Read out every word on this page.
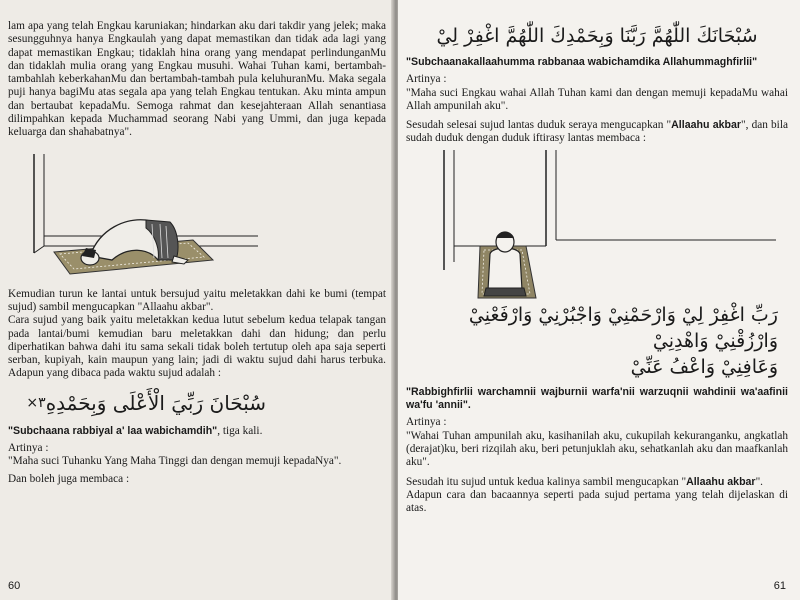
lam apa yang telah Engkau karuniakan; hindarkan aku dari takdir yang jelek; maka sesungguhnya hanya Engkaulah yang dapat memastikan dan tidak ada lagi yang dapat memastikan Engkau; tidaklah hina orang yang mendapat perlindunganMu dan tidaklah mulia orang yang Engkau musuhi. Wahai Tuhan kami, bertambah-tambahlah keberkahanMu dan bertambah-tambah pula keluhuranMu. Maka segala puji hanya bagiMu atas segala apa yang telah Engkau tentukan. Aku minta ampun dan bertaubat kepadaMu. Semoga rahmat dan kesejahteraan Allah senantiasa dilimpahkan kepada Muchammad seorang Nabi yang Ummi, dan juga kepada keluarga dan shahabatnya".

Kemudian turun ke lantai untuk bersujud yaitu meletakkan dahi ke bumi (tempat sujud) sambil mengucapkan "Allaahu akbar".

Cara sujud yang baik yaitu meletakkan kedua lutut sebelum kedua telapak tangan pada lantai/bumi kemudian baru meletakkan dahi dan hidung; dan perlu diperhatikan bahwa dahi itu sama sekali tidak boleh tertutup oleh apa saja seperti serban, kupiyah, kain maupun yang lain; jadi di waktu sujud dahi harus terbuka. Adapun yang dibaca pada waktu sujud adalah :

٣× سُبْحَانَ رَبِّيَ الْأَعْلَى وَبِحَمْدِهِ

"Subchaana rabbiyal a' laa wabichamdih", tiga kali.

Artinya :

"Maha suci Tuhanku Yang Maha Tinggi dan dengan memuji kepadaNya".

Dan boleh juga membaca :

60
سُبْحَانَكَ اللّٰهُمَّ رَبَّنَا وَبِحَمْدِكَ اللّٰهُمَّ اغْفِرْ لِيْ

"Subchaanakallaahumma rabbanaa wabichamdika Allahummaghfirlii"

Artinya :

"Maha suci Engkau wahai Allah Tuhan kami dan dengan memuji kepadaMu wahai Allah ampunilah aku".

Sesudah selesai sujud lantas duduk seraya mengucapkan "Allaahu akbar", dan bila sudah duduk dengan duduk iftirasy lantas membaca :

رَبِّ اغْفِرْ لِيْ وَارْحَمْنِيْ وَاجْبُرْنِيْ وَارْفَعْنِيْ وَارْزُقْنِيْ وَاهْدِنِيْ
وَعَافِنِيْ وَاعْفُ عَنِّيْ

"Rabbighfirlii warchamnii wajburnii warfa'nii warzuqnii wahdinii wa'aafinii wa'fu 'annii".

Artinya :

"Wahai Tuhan ampunilah aku, kasihanilah aku, cukupilah kekuranganku, angkatlah (derajat)ku, beri rizqilah aku, beri petunjuklah aku, sehatkanlah aku dan maafkanlah aku".

Sesudah itu sujud untuk kedua kalinya sambil mengucapkan "Allaahu akbar".

Adapun cara dan bacaannya seperti pada sujud pertama yang telah dijelaskan di atas.

61
